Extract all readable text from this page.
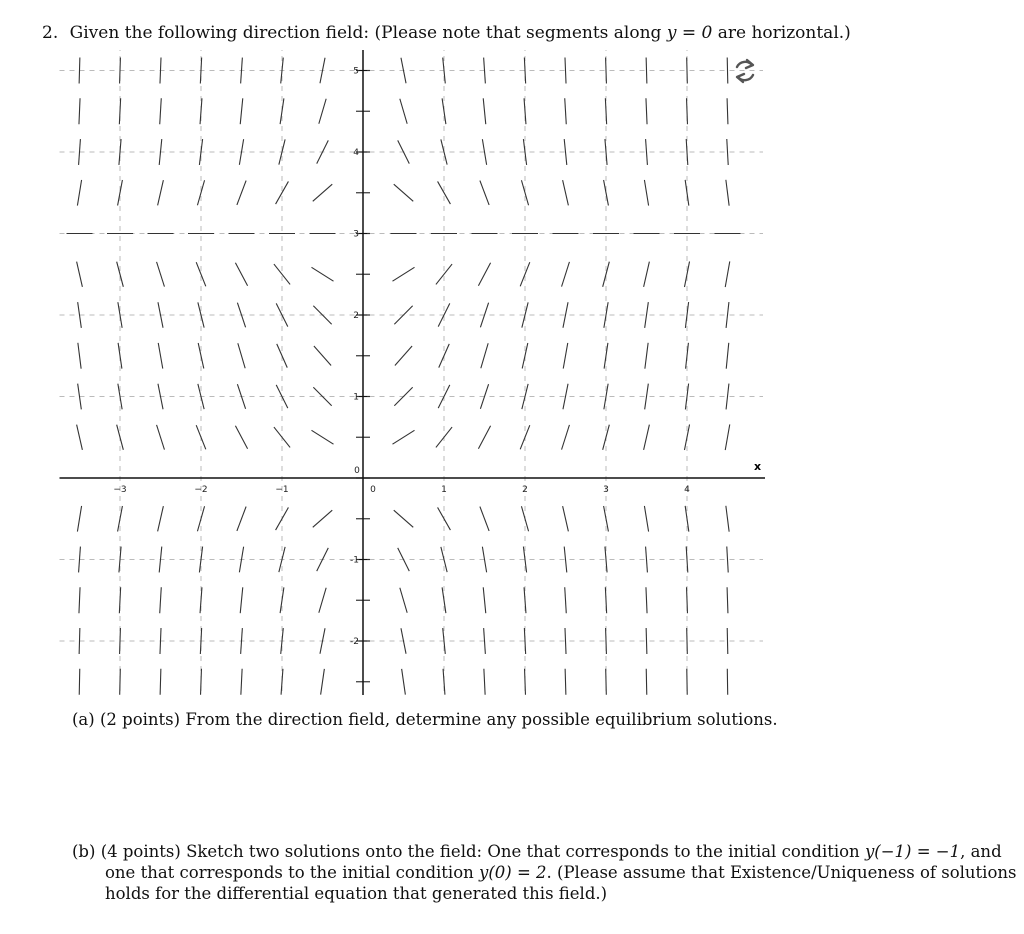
2. Given the following direction field: (Please note that segments along y = 0 are horizontal.)
x
−3	−2	−1	1	2	3	4
-2
-1
1
2
3
4
5
0
0
(a) (2 points) From the direction field, determine any possible equilibrium solutions.
(b) (4 points) Sketch two solutions onto the field: One that corresponds to the initial condition y(−1) = −1, and one that corresponds to the initial condition y(0) = 2. (Please assume that Existence/Uniqueness of solutions holds for the differential equation that generated this field.)
